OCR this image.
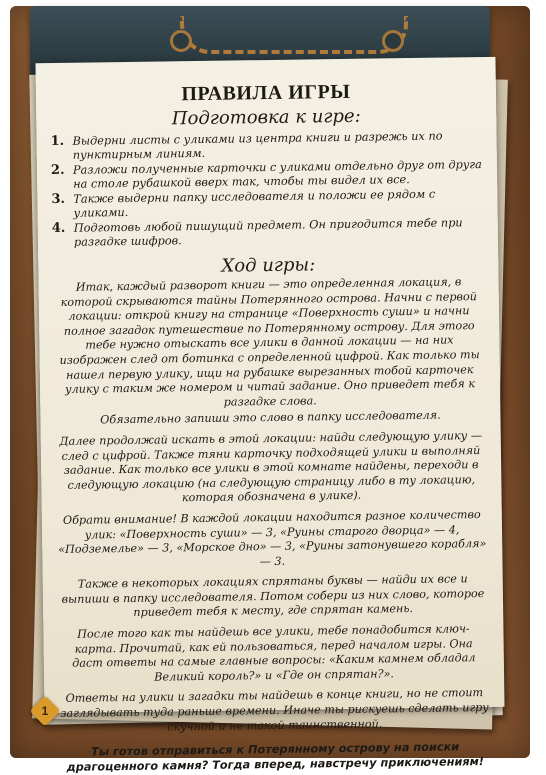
ПРАВИЛА ИГРЫ
Подготовка к игре:
1. Выдерни листы с уликами из центра книги и разрежь их по пунктирным линиям.
2. Разложи полученные карточки с уликами отдельно друг от друга на столе рубашкой вверх так, чтобы ты видел их все.
3. Также выдерни папку исследователя и положи ее рядом с уликами.
4. Подготовь любой пишущий предмет. Он пригодится тебе при разгадке шифров.
Ход игры:

Итак, каждый разворот книги — это определенная локация, в которой скрываются тайны Потерянного острова. Начни с первой локации: открой книгу на странице «Поверхность суши» и начни полное загадок путешествие по Потерянному острову. Для этого тебе нужно отыскать все улики в данной локации — на них изображен след от ботинка с определенной цифрой. Как только ты нашел первую улику, ищи на рубашке вырезанных тобой карточек улику с таким же номером и читай задание. Оно приведет тебя к разгадке слова.

Обязательно запиши это слово в папку исследователя.

Далее продолжай искать в этой локации: найди следующую улику — след с цифрой. Также тяни карточку подходящей улики и выполняй задание. Как только все улики в этой комнате найдены, переходи в следующую локацию (на следующую страницу либо в ту локацию, которая обозначена в улике).

Обрати внимание! В каждой локации находится разное количество улик: «Поверхность суши» — 3, «Руины старого дворца» — 4, «Подземелье» — 3, «Морское дно» — 3, «Руины затонувшего корабля» — 3.

Также в некоторых локациях спрятаны буквы — найди их все и выпиши в папку исследователя. Потом собери из них слово, которое приведет тебя к месту, где спрятан камень.

После того как ты найдешь все улики, тебе понадобится ключ-карта. Прочитай, как ей пользоваться, перед началом игры. Она даст ответы на самые главные вопросы: «Каким камнем обладал Великий король?» и «Где он спрятан?».

Ответы на улики и загадки ты найдешь в конце книги, но не стоит заглядывать туда раньше времени. Иначе ты рискуешь сделать игру скучной и не такой таинственной.

Ты готов отправиться к Потерянному острову на поиски драгоценного камня? Тогда вперед, навстречу приключениям!

1
